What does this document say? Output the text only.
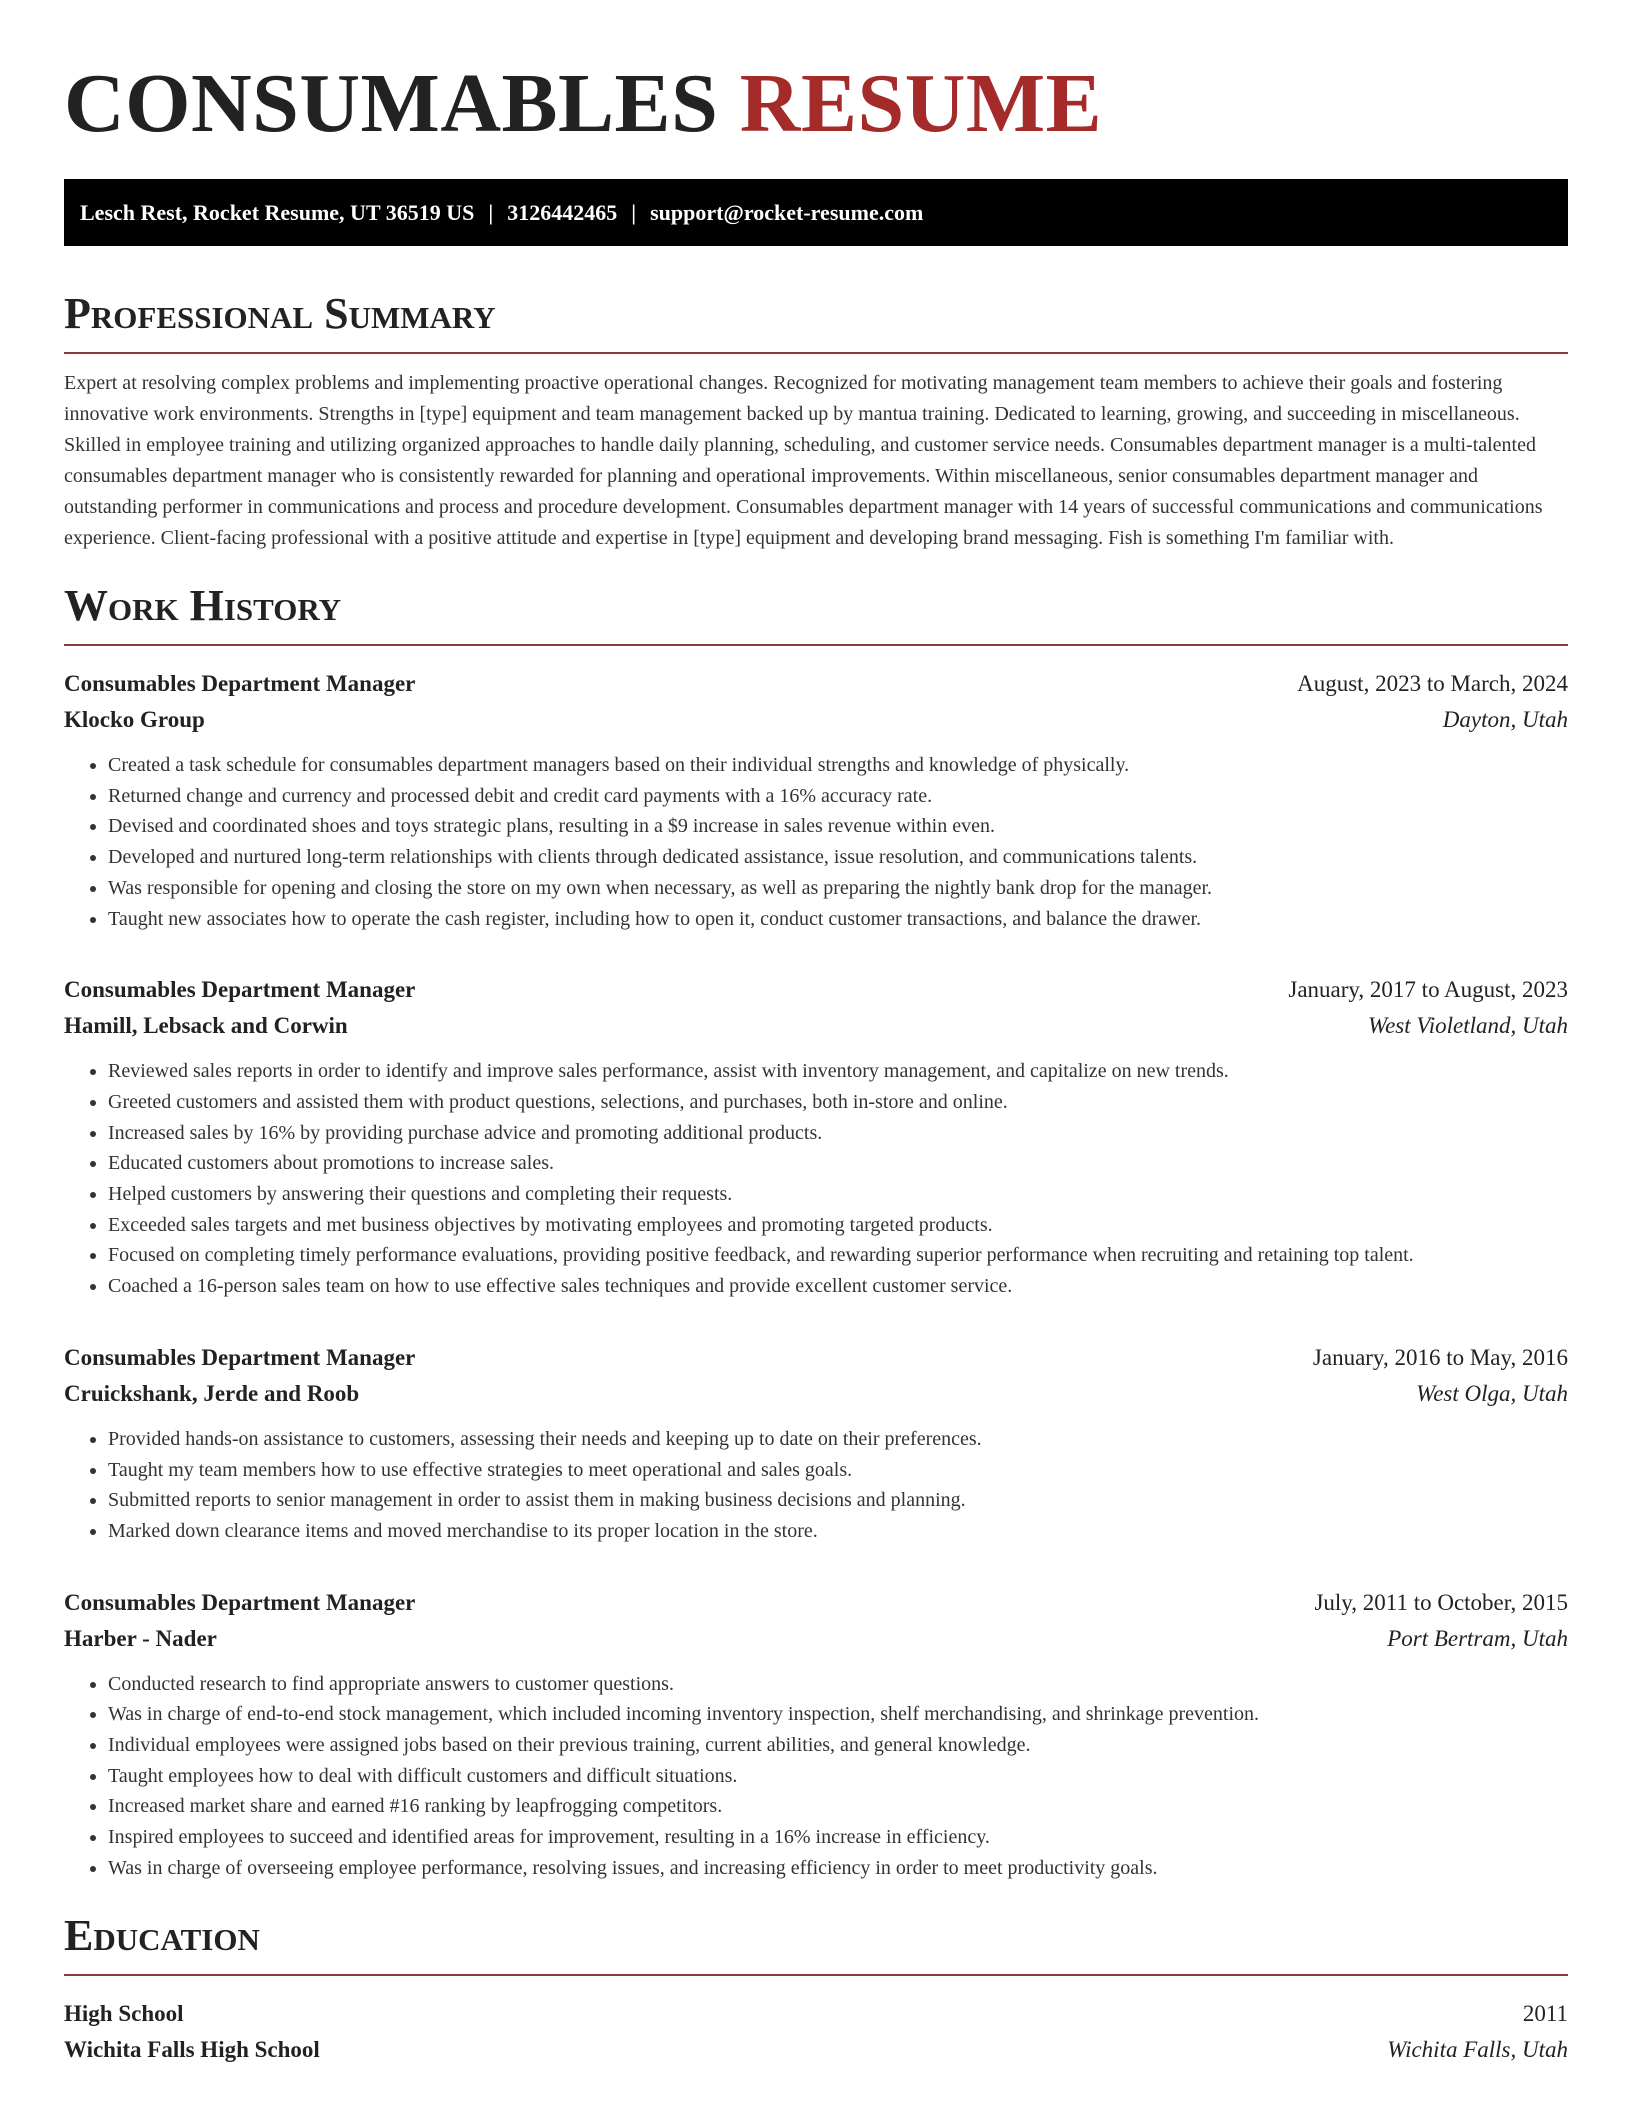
CONSUMABLES RESUME
Lesch Rest, Rocket Resume, UT 36519 US | 3126442465 | support@rocket-resume.com
Professional Summary

Expert at resolving complex problems and implementing proactive operational changes. Recognized for motivating management team members to achieve their goals and fostering innovative work environments. Strengths in [type] equipment and team management backed up by mantua training. Dedicated to learning, growing, and succeeding in miscellaneous. Skilled in employee training and utilizing organized approaches to handle daily planning, scheduling, and customer service needs. Consumables department manager is a multi-talented consumables department manager who is consistently rewarded for planning and operational improvements. Within miscellaneous, senior consumables department manager and outstanding performer in communications and process and procedure development. Consumables department manager with 14 years of successful communications and communications experience. Client-facing professional with a positive attitude and expertise in [type] equipment and developing brand messaging. Fish is something I'm familiar with.

Work History
Consumables Department Manager	August, 2023 to March, 2024
Klocko Group	Dayton, Utah
• Created a task schedule for consumables department managers based on their individual strengths and knowledge of physically.
• Returned change and currency and processed debit and credit card payments with a 16% accuracy rate.
• Devised and coordinated shoes and toys strategic plans, resulting in a $9 increase in sales revenue within even.
• Developed and nurtured long-term relationships with clients through dedicated assistance, issue resolution, and communications talents.
• Was responsible for opening and closing the store on my own when necessary, as well as preparing the nightly bank drop for the manager.
• Taught new associates how to operate the cash register, including how to open it, conduct customer transactions, and balance the drawer.
Consumables Department Manager	January, 2017 to August, 2023
Hamill, Lebsack and Corwin	West Violetland, Utah
• Reviewed sales reports in order to identify and improve sales performance, assist with inventory management, and capitalize on new trends.
• Greeted customers and assisted them with product questions, selections, and purchases, both in-store and online.
• Increased sales by 16% by providing purchase advice and promoting additional products.
• Educated customers about promotions to increase sales.
• Helped customers by answering their questions and completing their requests.
• Exceeded sales targets and met business objectives by motivating employees and promoting targeted products.
• Focused on completing timely performance evaluations, providing positive feedback, and rewarding superior performance when recruiting and retaining top talent.
• Coached a 16-person sales team on how to use effective sales techniques and provide excellent customer service.
Consumables Department Manager	January, 2016 to May, 2016
Cruickshank, Jerde and Roob	West Olga, Utah
• Provided hands-on assistance to customers, assessing their needs and keeping up to date on their preferences.
• Taught my team members how to use effective strategies to meet operational and sales goals.
• Submitted reports to senior management in order to assist them in making business decisions and planning.
• Marked down clearance items and moved merchandise to its proper location in the store.
Consumables Department Manager	July, 2011 to October, 2015
Harber - Nader	Port Bertram, Utah
• Conducted research to find appropriate answers to customer questions.
• Was in charge of end-to-end stock management, which included incoming inventory inspection, shelf merchandising, and shrinkage prevention.
• Individual employees were assigned jobs based on their previous training, current abilities, and general knowledge.
• Taught employees how to deal with difficult customers and difficult situations.
• Increased market share and earned #16 ranking by leapfrogging competitors.
• Inspired employees to succeed and identified areas for improvement, resulting in a 16% increase in efficiency.
• Was in charge of overseeing employee performance, resolving issues, and increasing efficiency in order to meet productivity goals.
Education
High School	2011
Wichita Falls High School	Wichita Falls, Utah
